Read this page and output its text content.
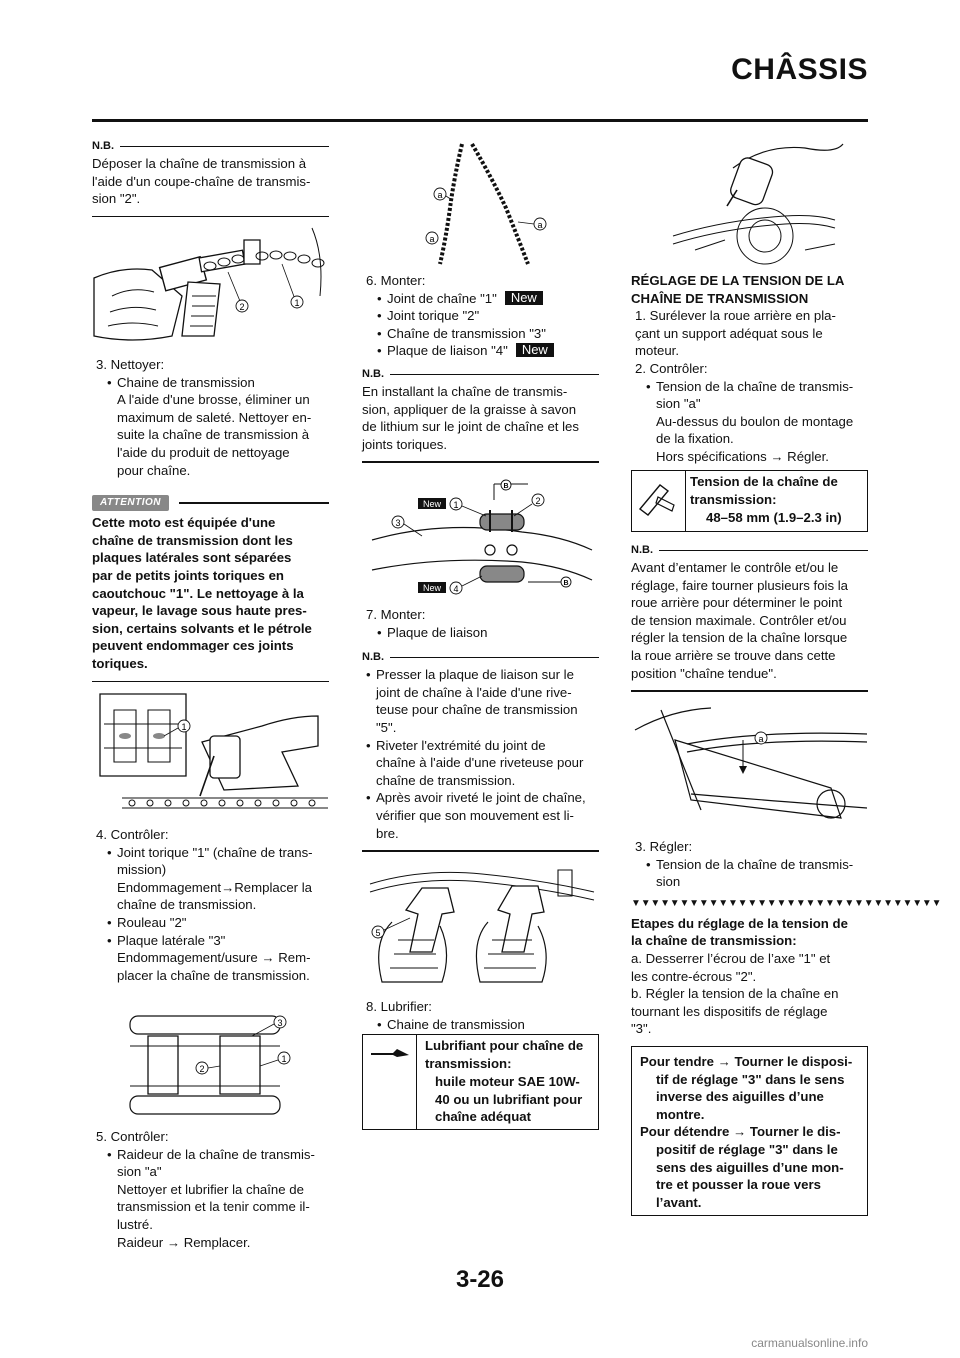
CHÂSSIS
N.B.
Déposer la chaîne de transmission à
l'aide d'un coupe-chaîne de transmis-
sion "2".
2	1
3. Nettoyer:
• Chaine de transmission
A l'aide d'une brosse, éliminer un
maximum de saleté. Nettoyer en-
suite la chaîne de transmission à
l'aide du produit de nettoyage
pour chaîne.
ATTENTION
Cette moto est équipée d'une
chaîne de transmission dont les
plaques latérales sont séparées
par de petits joints toriques en
caoutchouc "1". Le nettoyage à la
vapeur, le lavage sous haute pres-
sion, certains solvants et le pétrole
peuvent endommager ces joints
toriques.
1
4. Contrôler:
• Joint torique "1" (chaîne de trans-
mission)
Endommagement→Remplacer la
chaîne de transmission.
• Rouleau "2"
• Plaque latérale "3"
Endommagement/usure → Rem-
placer la chaîne de transmission.
3
2
1
5. Contrôler:
• Raideur de la chaîne de transmis-
sion "a"
Nettoyer et lubrifier la chaîne de
transmission et la tenir comme il-
lustré.
Raideur → Remplacer.
a
a
a
6. Monter:
• Joint de chaîne "1" New
• Joint torique "2"
• Chaîne de transmission "3"
• Plaque de liaison "4" New
N.B.
En installant la chaîne de transmis-
sion, appliquer de la graisse à savon
de lithium sur le joint de chaîne et les
joints toriques.
New
New
1	2
3
4
B
B
7. Monter:
• Plaque de liaison
N.B.
• Presser la plaque de liaison sur le
joint de chaîne à l'aide d'une rive-
teuse pour chaîne de transmission
"5".
• Riveter l'extrémité du joint de
chaîne à l'aide d'une riveteuse pour
chaîne de transmission.
• Après avoir riveté le joint de chaîne,
vérifier que son mouvement est li-
bre.
5
8. Lubrifier:
• Chaine de transmission
Lubrifiant pour chaîne de
transmission:
huile moteur SAE 10W-
40 ou un lubrifiant pour
chaîne adéquat
RÉGLAGE DE LA TENSION DE LA
CHAÎNE DE TRANSMISSION
1. Surélever la roue arrière en pla-
çant un support adéquat sous le
moteur.
2. Contrôler:
• Tension de la chaîne de transmis-
sion "a"
Au-dessus du boulon de montage
de la fixation.
Hors spécifications → Régler.
Tension de la chaîne de
transmission:
48–58 mm (1.9–2.3 in)
N.B.
Avant d’entamer le contrôle et/ou le
réglage, faire tourner plusieurs fois la
roue arrière pour déterminer le point
de tension maximale. Contrôler et/ou
régler la tension de la chaîne lorsque
la roue arrière se trouve dans cette
position "chaîne tendue".
a
3. Régler:
• Tension de la chaîne de transmis-
sion
▼▼▼▼▼▼▼▼▼▼▼▼▼▼▼▼▼▼▼▼▼▼▼▼▼▼▼▼▼▼▼▼
Etapes du réglage de la tension de
la chaîne de transmission:
a. Desserrer l’écrou de l’axe "1" et
les contre-écrous "2".
b. Régler la tension de la chaîne en
tournant les dispositifs de réglage
"3".
Pour tendre → Tourner le disposi-
tif de réglage "3" dans le sens
inverse des aiguilles d’une
montre.
Pour détendre → Tourner le dis-
positif de réglage "3" dans le
sens des aiguilles d’une mon-
tre et pousser la roue vers
l’avant.
3-26
carmanualsonline.info
